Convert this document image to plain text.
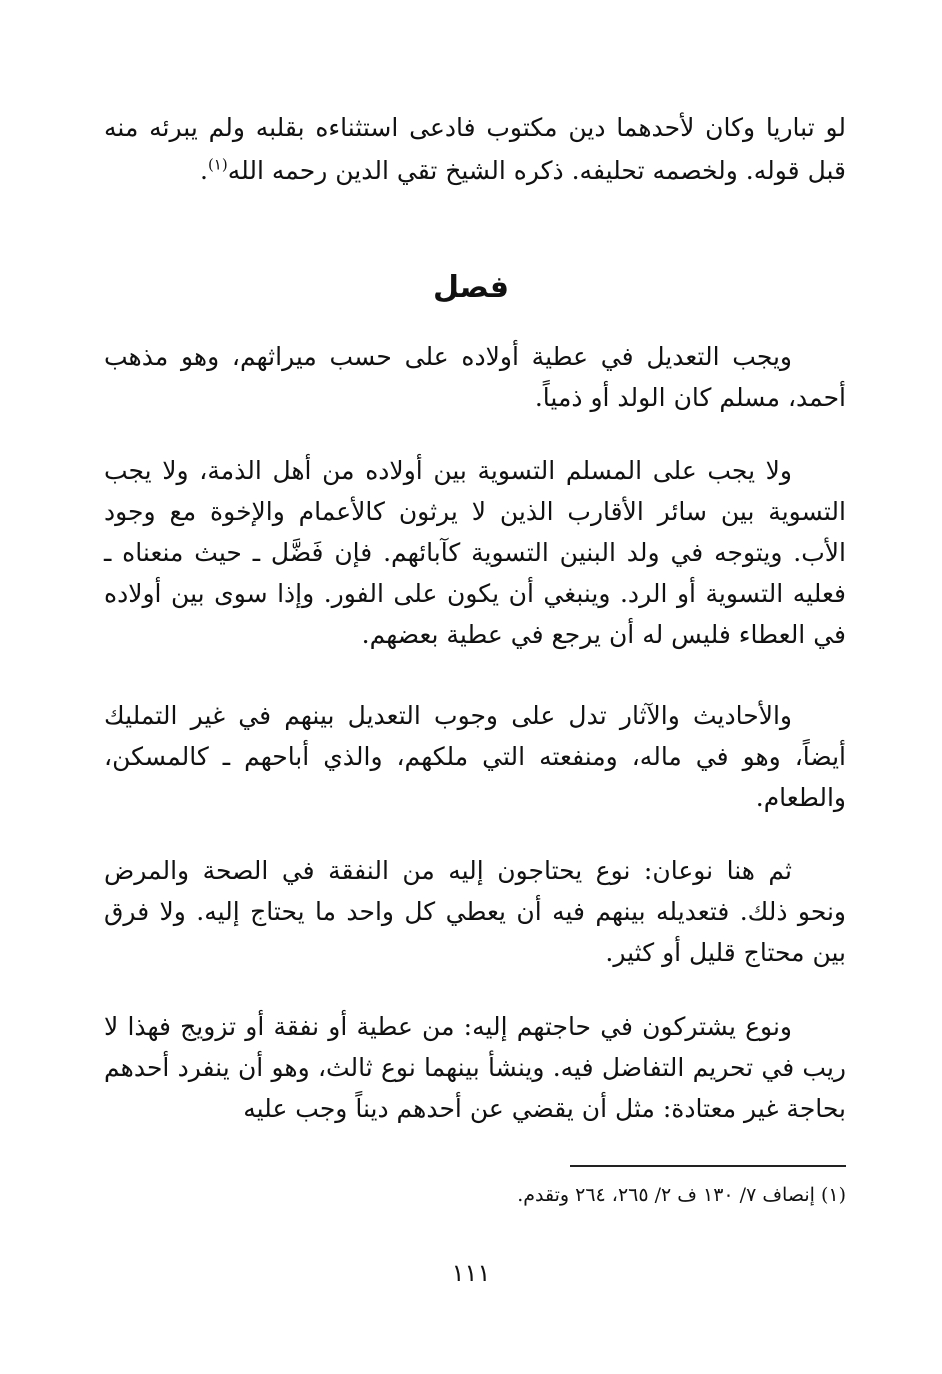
لو تباريا وكان لأحدهما دين مكتوب فادعى استثناءه بقلبه ولم يبرئه منه قبل قوله. ولخصمه تحليفه. ذكره الشيخ تقي الدين رحمه الله$^{(١)}$.

فصل

ويجب التعديل في عطية أولاده على حسب ميراثهم، وهو مذهب أحمد، مسلم كان الولد أو ذمياً.

ولا يجب على المسلم التسوية بين أولاده من أهل الذمة، ولا يجب التسوية بين سائر الأقارب الذين لا يرثون كالأعمام والإخوة مع وجود الأب. ويتوجه في ولد البنين التسوية كآبائهم. فإن فَضَّل ـ حيث منعناه ـ فعليه التسوية أو الرد. وينبغي أن يكون على الفور. وإذا سوى بين أولاده في العطاء فليس له أن يرجع في عطية بعضهم.

والأحاديث والآثار تدل على وجوب التعديل بينهم في غير التمليك أيضاً، وهو في ماله، ومنفعته التي ملكهم، والذي أباحهم ـ كالمسكن، والطعام.

ثم هنا نوعان: نوع يحتاجون إليه من النفقة في الصحة والمرض ونحو ذلك. فتعديله بينهم فيه أن يعطي كل واحد ما يحتاج إليه. ولا فرق بين محتاج قليل أو كثير.

ونوع يشتركون في حاجتهم إليه: من عطية أو نفقة أو تزويج فهذا لا ريب في تحريم التفاضل فيه. وينشأ بينهما نوع ثالث، وهو أن ينفرد أحدهم بحاجة غير معتادة: مثل أن يقضي عن أحدهم ديناً وجب عليه

(١) إنصاف ٧/ ١٣٠ ف ٢/ ٢٦٥، ٢٦٤ وتقدم.
١١١
